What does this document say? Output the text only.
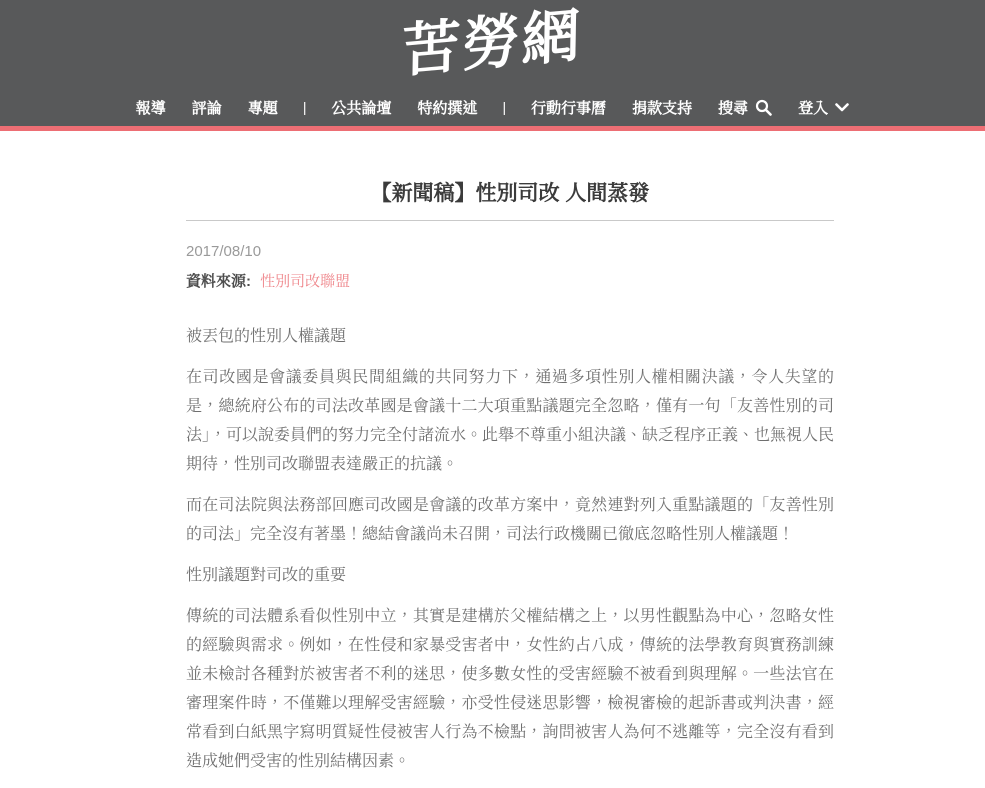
苦勞網
報導 評論 專題	|	公共論壇 特約撰述	|	行動行事曆 捐款支持 搜尋	登入
【新聞稿】性別司改 人間蒸發
2017/08/10
資料來源: 性別司改聯盟

被丟包的性別人權議題

在司改國是會議委員與民間組織的共同努力下，通過多項性別人權相關決議，令人失望的是，總統府公布的司法改革國是會議十二大項重點議題完全忽略，僅有一句「友善性別的司法」，可以說委員們的努力完全付諸流水。此舉不尊重小組決議、缺乏程序正義、也無視人民期待，性別司改聯盟表達嚴正的抗議。

而在司法院與法務部回應司改國是會議的改革方案中，竟然連對列入重點議題的「友善性別的司法」完全沒有著墨！總結會議尚未召開，司法行政機關已徹底忽略性別人權議題！

性別議題對司改的重要

傳統的司法體系看似性別中立，其實是建構於父權結構之上，以男性觀點為中心，忽略女性的經驗與需求。例如，在性侵和家暴受害者中，女性約占八成，傳統的法學教育與實務訓練並未檢討各種對於被害者不利的迷思，使多數女性的受害經驗不被看到與理解。一些法官在審理案件時，不僅難以理解受害經驗，亦受性侵迷思影響，檢視審檢的起訴書或判決書，經常看到白紙黑字寫明質疑性侵被害人行為不檢點，詢問被害人為何不逃離等，完全沒有看到造成她們受害的性別結構因素。
